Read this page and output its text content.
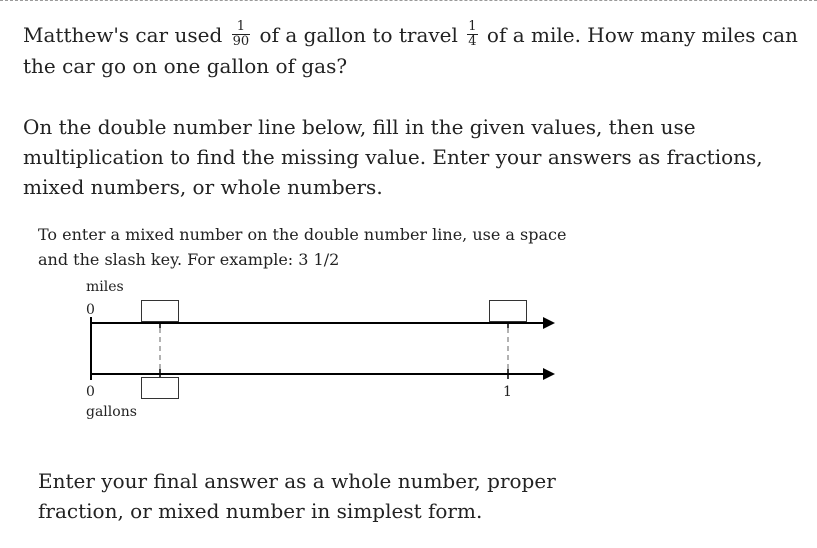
Matthew's car used $\frac{1}{90}$ of a gallon to travel $\frac{1}{4}$ of a mile. How many miles can the car go on one gallon of gas?

On the double number line below, fill in the given values, then use multiplication to find the missing value. Enter your answers as fractions, mixed numbers, or whole numbers.

To enter a mixed number on the double number line, use a space and the slash key. For example: 3 1/2

miles
0
0
gallons
1

Enter your final answer as a whole number, proper fraction, or mixed number in simplest form.
